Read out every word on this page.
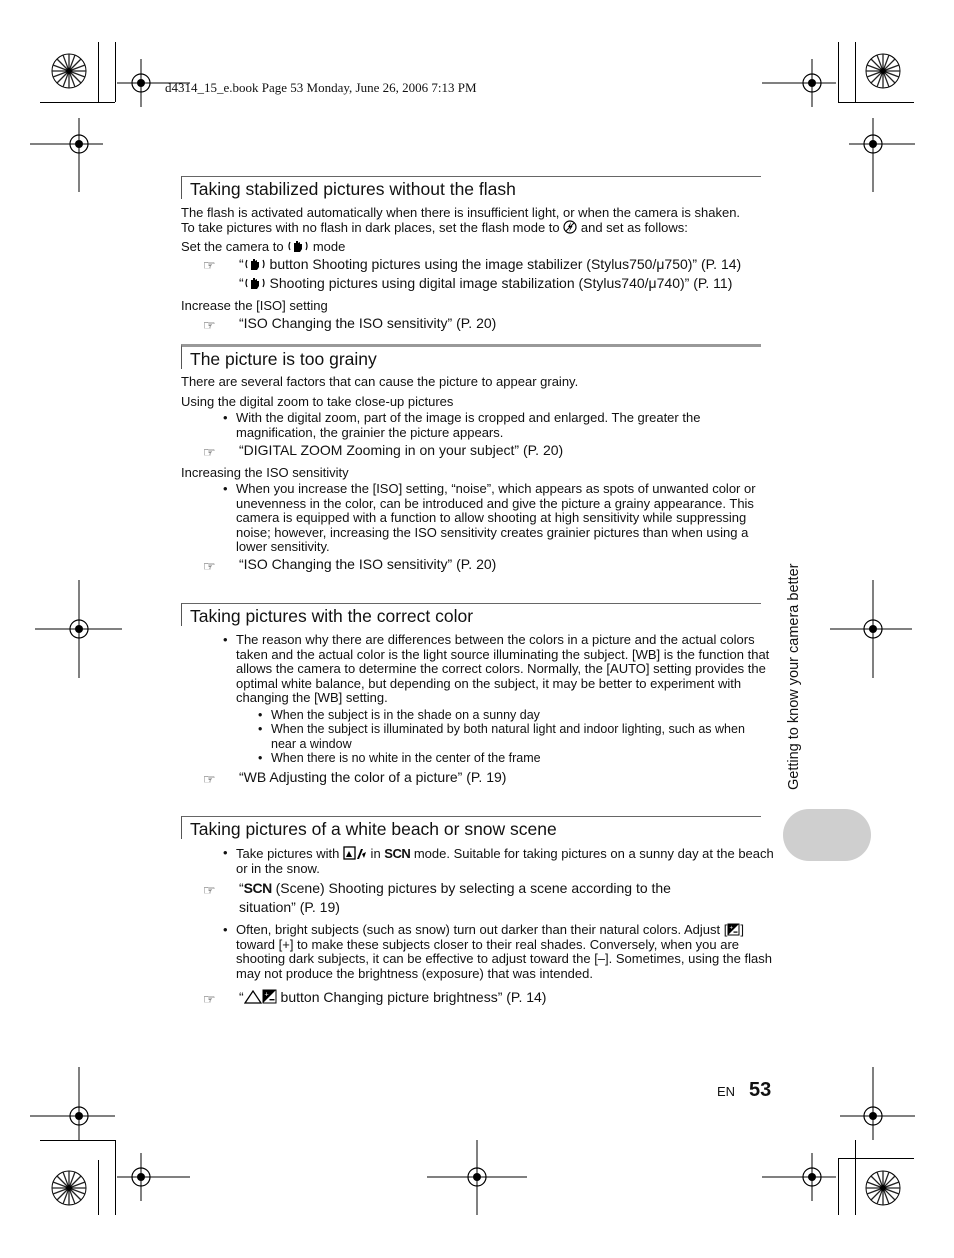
d4314_15_e.book Page 53 Monday, June 26, 2006 7:13 PM
Taking stabilized pictures without the flash
The flash is activated automatically when there is insufficient light, or when the camera is shaken.
To take pictures with no flash in dark places, set the flash mode to  and set as follows:
Set the camera to  mode
☞	“ button Shooting pictures using the image stabilizer (Stylus750/μ750)” (P. 14)
“ Shooting pictures using digital image stabilization (Stylus740/μ740)” (P. 11)
Increase the [ISO] setting
☞	“ISO Changing the ISO sensitivity” (P. 20)
The picture is too grainy
There are several factors that can cause the picture to appear grainy.
Using the digital zoom to take close-up pictures
• With the digital zoom, part of the image is cropped and enlarged. The greater the magnification, the grainier the picture appears.
☞	“DIGITAL ZOOM Zooming in on your subject” (P. 20)
Increasing the ISO sensitivity
• When you increase the [ISO] setting, “noise”, which appears as spots of unwanted color or unevenness in the color, can be introduced and give the picture a grainy appearance. This camera is equipped with a function to allow shooting at high sensitivity while suppressing noise; however, increasing the ISO sensitivity creates grainier pictures than when using a lower sensitivity.
☞	“ISO Changing the ISO sensitivity” (P. 20)
Taking pictures with the correct color
• The reason why there are differences between the colors in a picture and the actual colors taken and the actual color is the light source illuminating the subject. [WB] is the function that allows the camera to determine the correct colors. Normally, the [AUTO] setting provides the optimal white balance, but depending on the subject, it may be better to experiment with changing the [WB] setting.
• When the subject is in the shade on a sunny day
• When the subject is illuminated by both natural light and indoor lighting, such as when near a window
• When there is no white in the center of the frame
☞	“WB Adjusting the color of a picture” (P. 19)
Taking pictures of a white beach or snow scene
• Take pictures with  in SCN mode. Suitable for taking pictures on a sunny day at the beach or in the snow.
☞	“SCN (Scene) Shooting pictures by selecting a scene according to the
situation” (P. 19)
• Often, bright subjects (such as snow) turn out darker than their natural colors. Adjust [ + ] toward [+] to make these subjects closer to their real shades. Conversely, when you are shooting dark subjects, it can be effective to adjust toward the [–]. Sometimes, using the flash may not produce the brightness (exposure) that was intended.
☞	“	+ button Changing picture brightness” (P. 14)
Getting to know your camera better
EN 53
